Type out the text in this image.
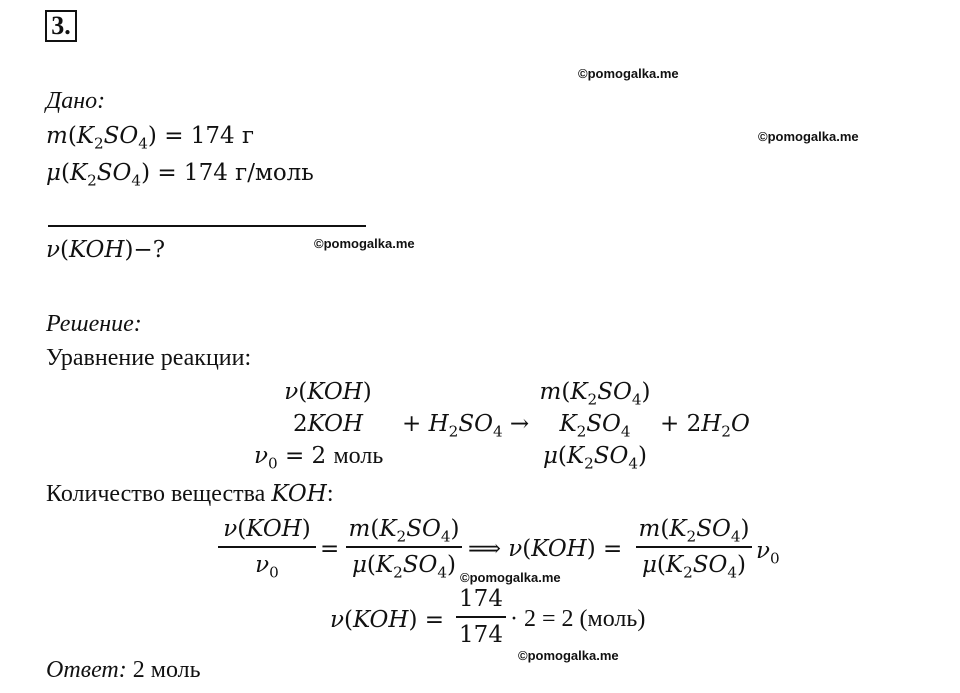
3.
©pomogalka.me
©pomogalka.me
©pomogalka.me
©pomogalka.me
©pomogalka.me
Дано:
$m(K_2SO_4) = 174$ г
$\mu(K_2SO_4) = 174$ г/моль
ν(KOH)−?
Решение:
Уравнение реакции:
ν(KOH)
2KOH
$\nu_0 = 2$ моль
+ $H_2SO_4$ →
$m(K_2SO_4)$
$K_2SO_4$
$\mu(K_2SO_4)$
+ $2H_2O$
Количество вещества KOH:
ν(KOH)
$\nu_0$
=
$m(K_2SO_4)$
$\mu(K_2SO_4)$
⟹ ν(KOH) =
$m(K_2SO_4)$
$\mu(K_2SO_4)$
$\nu_0$
ν(KOH) =
174
174
· 2 = 2 (моль)
Ответ: 2 моль
